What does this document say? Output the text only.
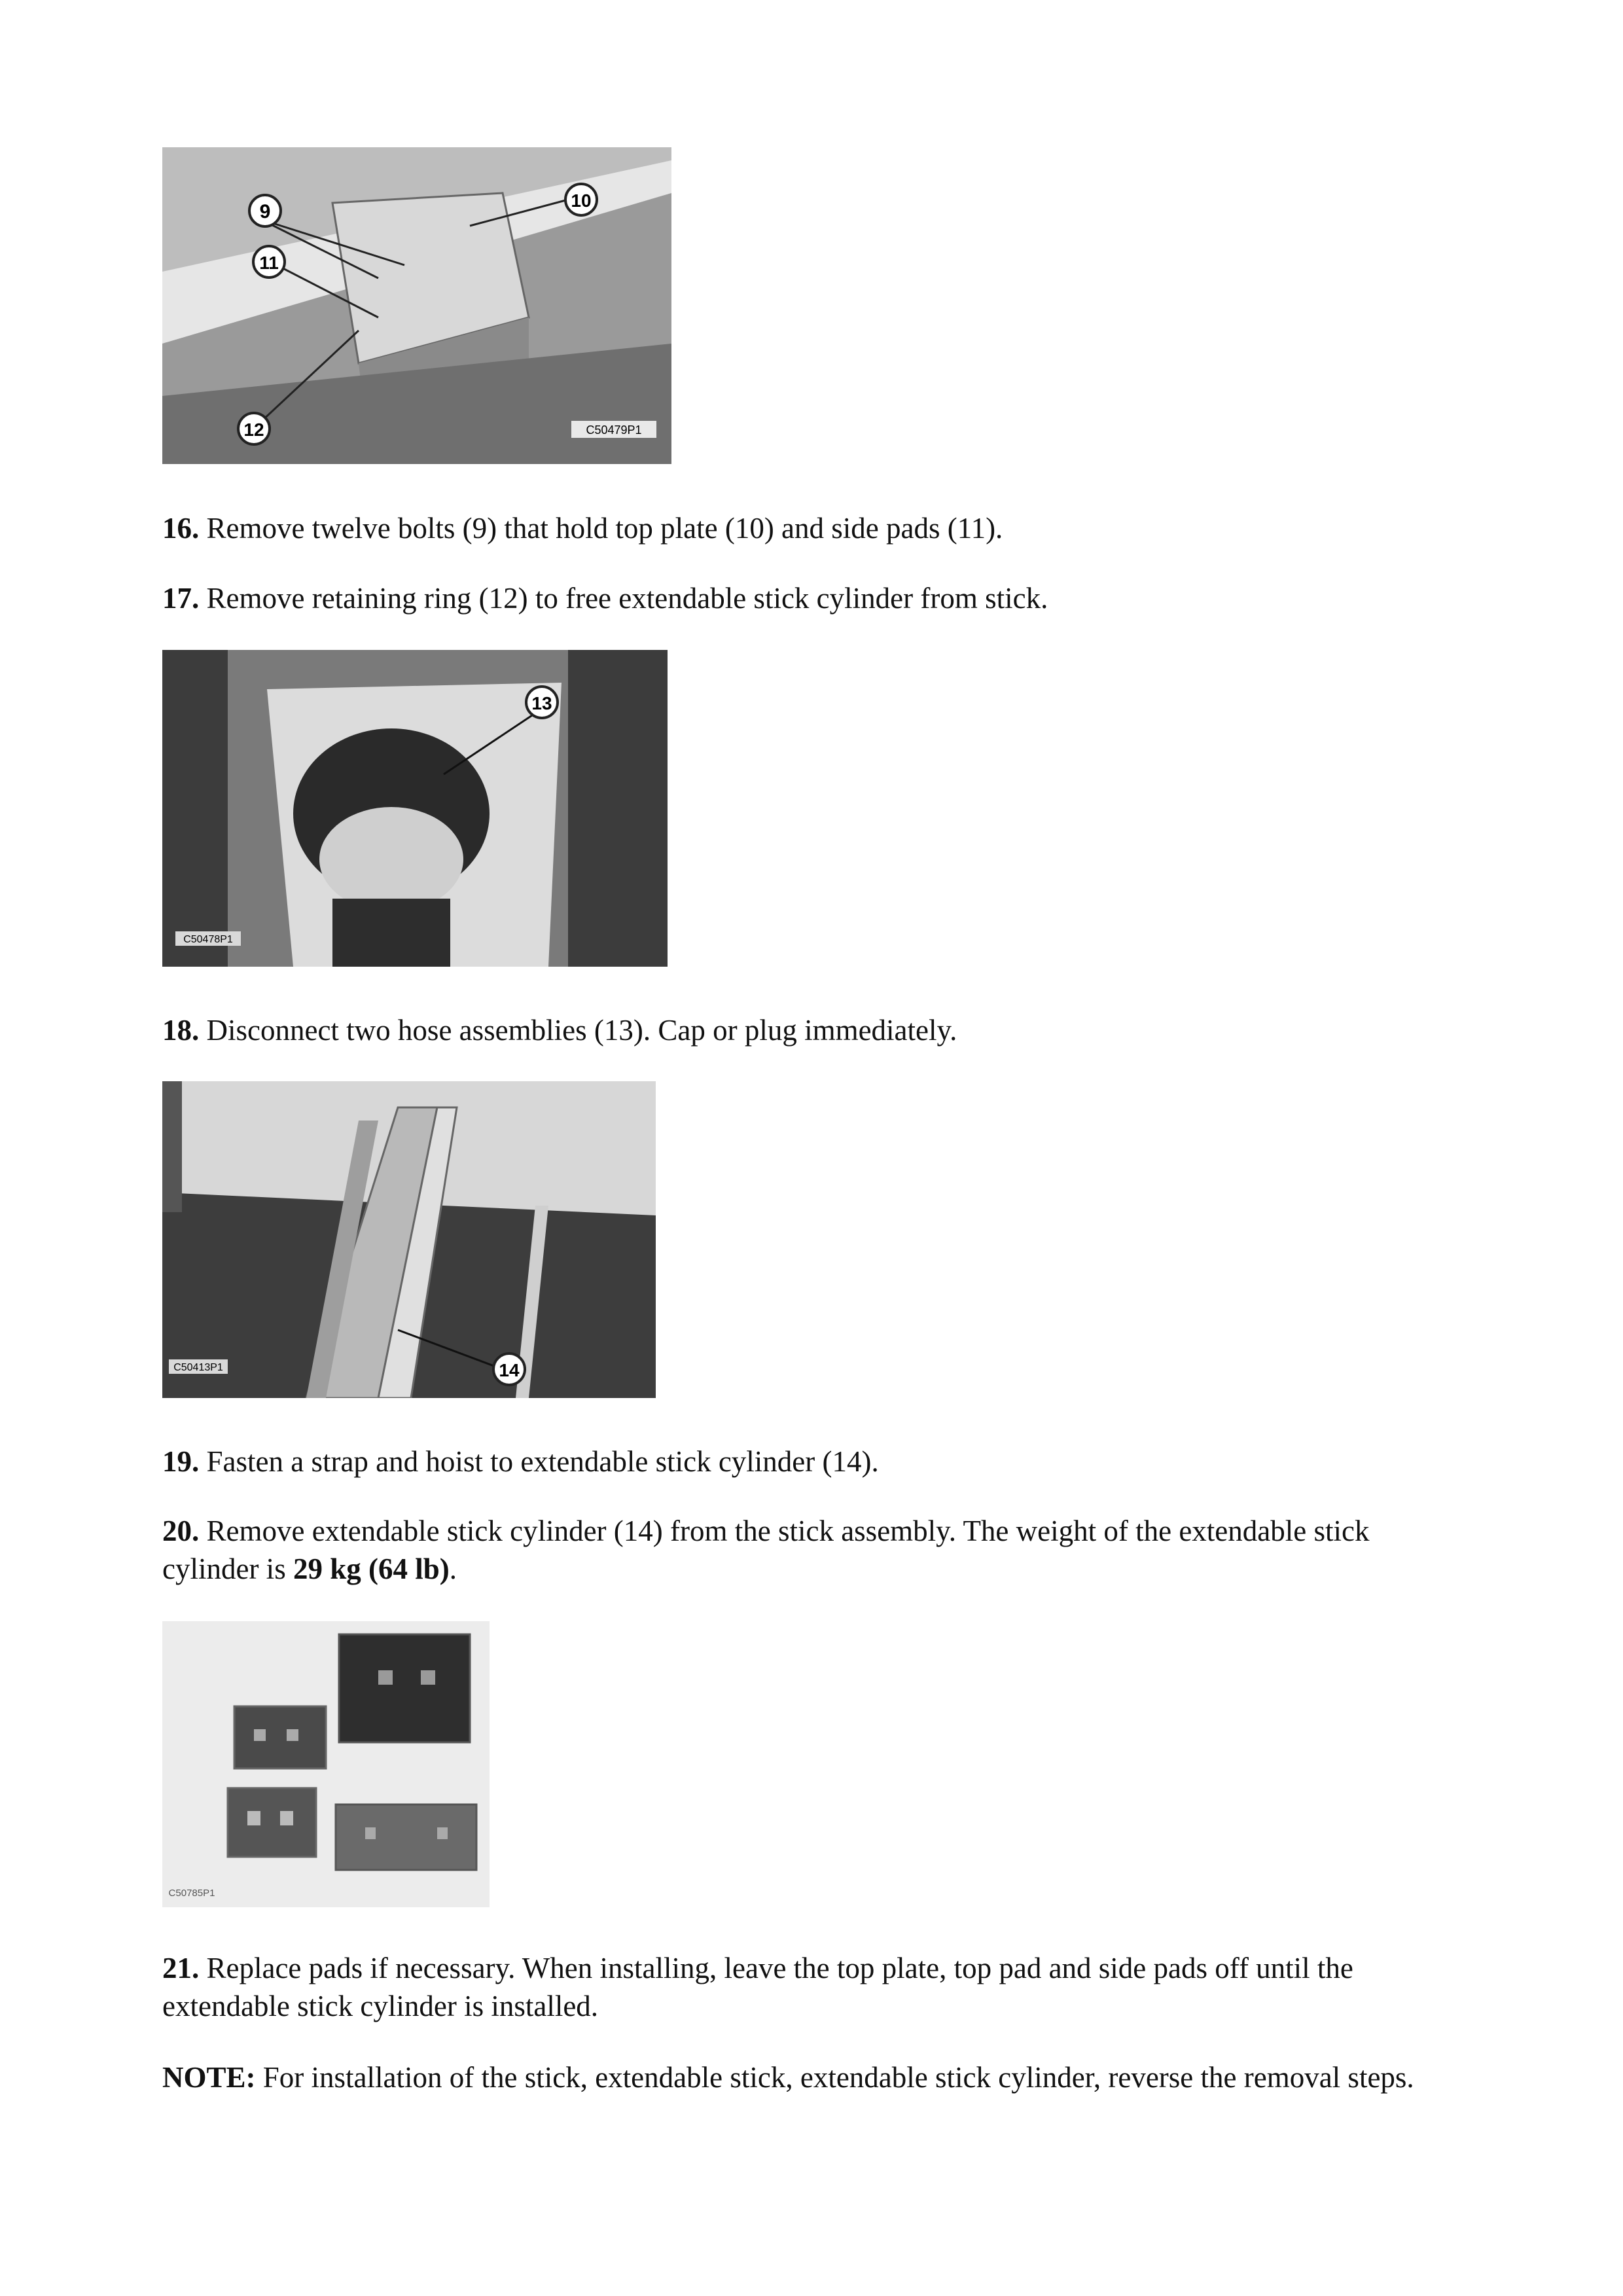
9
10
11
12	C50479P1

16. Remove twelve bolts (9) that hold top plate (10) and side pads (11).

17. Remove retaining ring (12) to free extendable stick cylinder from stick.

13
C50478P1

18. Disconnect two hose assemblies (13). Cap or plug immediately.

14
C50413P1

19. Fasten a strap and hoist to extendable stick cylinder (14).

20. Remove extendable stick cylinder (14) from the stick assembly. The weight of the extendable stick cylinder is 29 kg (64 lb).

C50785P1

21. Replace pads if necessary. When installing, leave the top plate, top pad and side pads off until the extendable stick cylinder is installed.

NOTE: For installation of the stick, extendable stick, extendable stick cylinder, reverse the removal steps.
